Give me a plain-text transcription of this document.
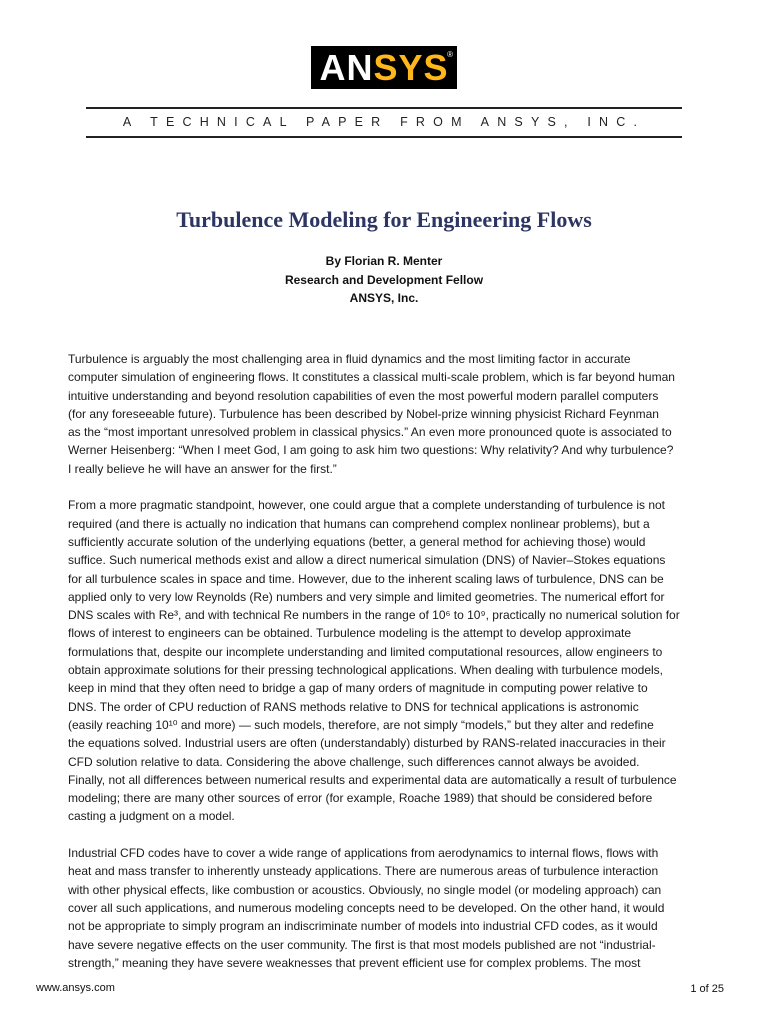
AN SYS
®
A TECHNICAL PAPER FROM ANSYS, INC.
Turbulence Modeling for Engineering Flows
By Florian R. Menter
Research and Development Fellow
ANSYS, Inc.

Turbulence is arguably the most challenging area in fluid dynamics and the most limiting factor in accurate
computer simulation of engineering flows. It constitutes a classical multi-scale problem, which is far beyond human
intuitive understanding and beyond resolution capabilities of even the most powerful modern parallel computers
(for any foreseeable future). Turbulence has been described by Nobel-prize winning physicist Richard Feynman
as the “most important unresolved problem in classical physics.” An even more pronounced quote is associated to
Werner Heisenberg: “When I meet God, I am going to ask him two questions: Why relativity? And why turbulence?
I really believe he will have an answer for the first.”

From a more pragmatic standpoint, however, one could argue that a complete understanding of turbulence is not
required (and there is actually no indication that humans can comprehend complex nonlinear problems), but a
sufficiently accurate solution of the underlying equations (better, a general method for achieving those) would
suffice. Such numerical methods exist and allow a direct numerical simulation (DNS) of Navier–Stokes equations
for all turbulence scales in space and time. However, due to the inherent scaling laws of turbulence, DNS can be
applied only to very low Reynolds (Re) numbers and very simple and limited geometries. The numerical effort for
DNS scales with Re³, and with technical Re numbers in the range of 10⁶ to 10⁹, practically no numerical solution for
flows of interest to engineers can be obtained. Turbulence modeling is the attempt to develop approximate
formulations that, despite our incomplete understanding and limited computational resources, allow engineers to
obtain approximate solutions for their pressing technological applications. When dealing with turbulence models,
keep in mind that they often need to bridge a gap of many orders of magnitude in computing power relative to
DNS. The order of CPU reduction of RANS methods relative to DNS for technical applications is astronomic
(easily reaching 10¹⁰ and more) — such models, therefore, are not simply “models,” but they alter and redefine
the equations solved. Industrial users are often (understandably) disturbed by RANS-related inaccuracies in their
CFD solution relative to data. Considering the above challenge, such differences cannot always be avoided.
Finally, not all differences between numerical results and experimental data are automatically a result of turbulence
modeling; there are many other sources of error (for example, Roache 1989) that should be considered before
casting a judgment on a model.

Industrial CFD codes have to cover a wide range of applications from aerodynamics to internal flows, flows with
heat and mass transfer to inherently unsteady applications. There are numerous areas of turbulence interaction
with other physical effects, like combustion or acoustics. Obviously, no single model (or modeling approach) can
cover all such applications, and numerous modeling concepts need to be developed. On the other hand, it would
not be appropriate to simply program an indiscriminate number of models into industrial CFD codes, as it would
have severe negative effects on the user community. The first is that most models published are not “industrial-
strength,” meaning they have severe weaknesses that prevent efficient use for complex problems. The most

www.ansys.com	1 of 25
